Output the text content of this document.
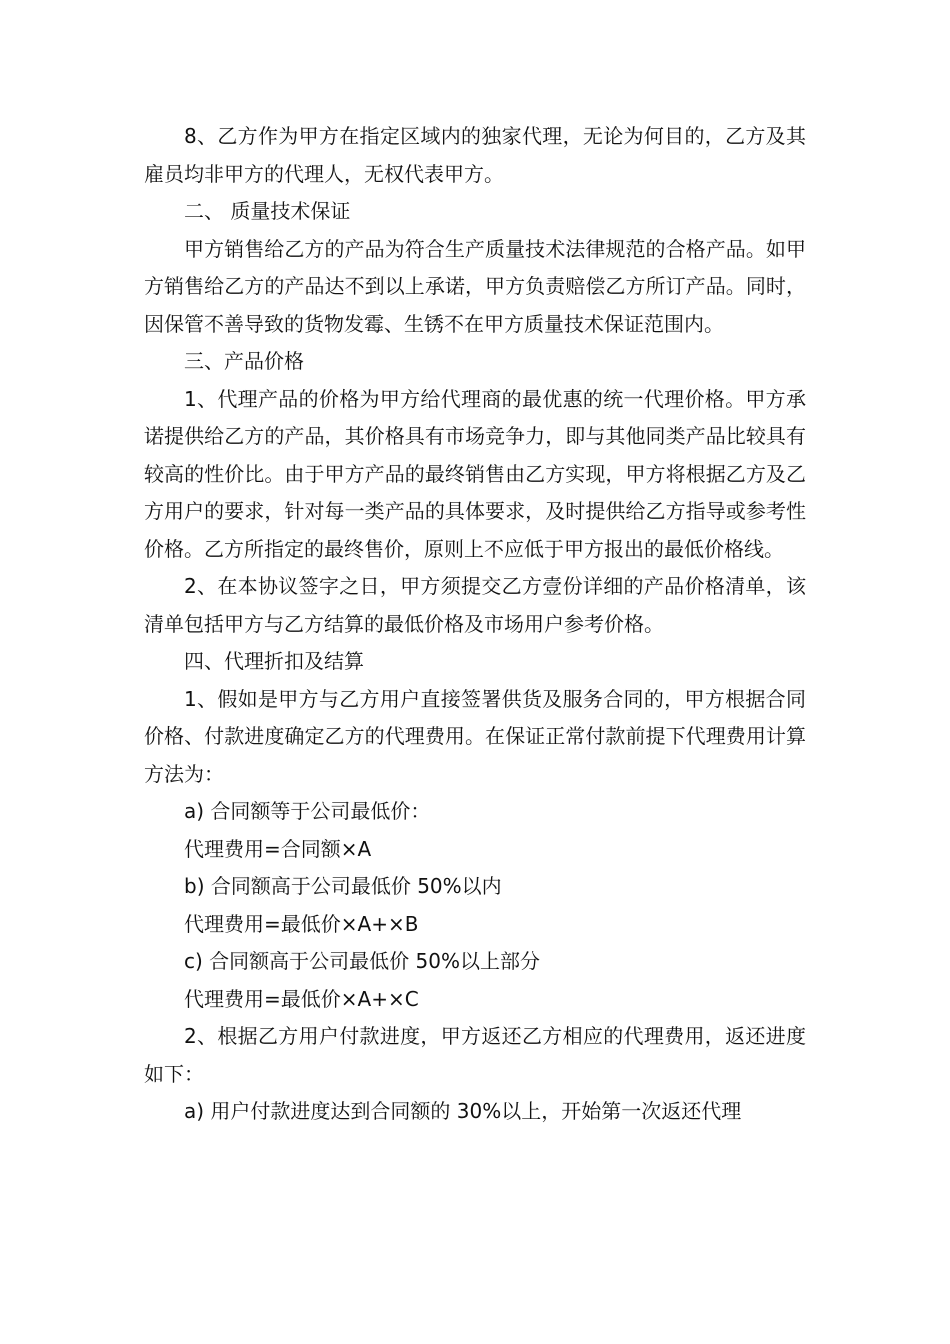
8、乙方作为甲方在指定区域内的独家代理，无论为何目的，乙方及其雇员均非甲方的代理人，无权代表甲方。

二、 质量技术保证

甲方销售给乙方的产品为符合生产质量技术法律规范的合格产品。如甲方销售给乙方的产品达不到以上承诺，甲方负责赔偿乙方所订产品。同时，因保管不善导致的货物发霉、生锈不在甲方质量技术保证范围内。

三、产品价格

1、代理产品的价格为甲方给代理商的最优惠的统一代理价格。甲方承诺提供给乙方的产品，其价格具有市场竞争力，即与其他同类产品比较具有较高的性价比。由于甲方产品的最终销售由乙方实现，甲方将根据乙方及乙方用户的要求，针对每一类产品的具体要求，及时提供给乙方指导或参考性价格。乙方所指定的最终售价，原则上不应低于甲方报出的最低价格线。

2、在本协议签字之日，甲方须提交乙方壹份详细的产品价格清单，该清单包括甲方与乙方结算的最低价格及市场用户参考价格。

四、代理折扣及结算

1、假如是甲方与乙方用户直接签署供货及服务合同的，甲方根据合同价格、付款进度确定乙方的代理费用。在保证正常付款前提下代理费用计算方法为：

a) 合同额等于公司最低价：

代理费用=合同额×A

b) 合同额高于公司最低价 50%以内

代理费用=最低价×A+×B

c) 合同额高于公司最低价 50%以上部分

代理费用=最低价×A+×C

2、根据乙方用户付款进度，甲方返还乙方相应的代理费用，返还进度如下：

a) 用户付款进度达到合同额的 30%以上，开始第一次返还代理
